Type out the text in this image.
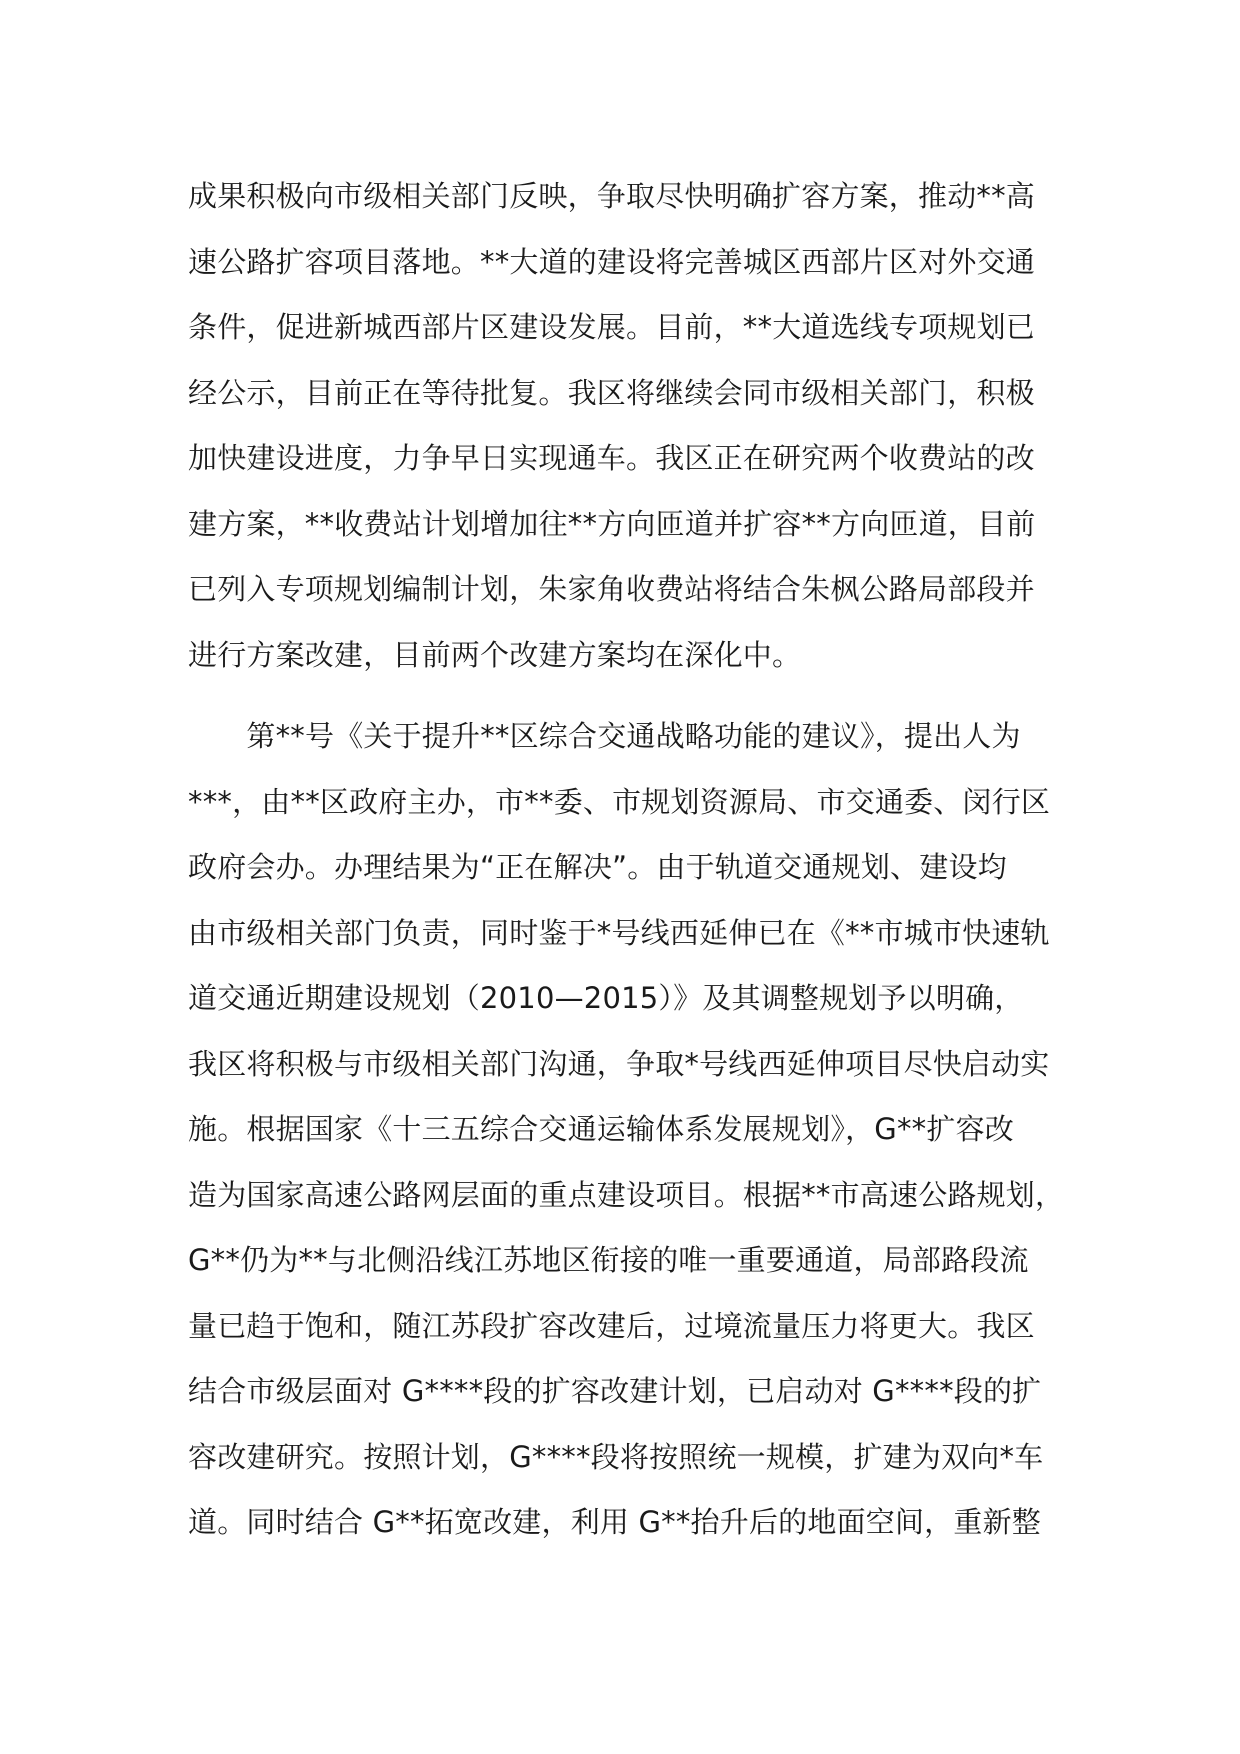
成果积极向市级相关部门反映，争取尽快明确扩容方案，推动**高
速公路扩容项目落地。**大道的建设将完善城区西部片区对外交通
条件，促进新城西部片区建设发展。目前，**大道选线专项规划已
经公示，目前正在等待批复。我区将继续会同市级相关部门，积极
加快建设进度，力争早日实现通车。我区正在研究两个收费站的改
建方案，**收费站计划增加往**方向匝道并扩容**方向匝道，目前
已列入专项规划编制计划，朱家角收费站将结合朱枫公路局部段并
进行方案改建，目前两个改建方案均在深化中。
　　第**号《关于提升**区综合交通战略功能的建议》，提出人为
***，由**区政府主办，市**委、市规划资源局、市交通委、闵行区
政府会办。办理结果为“正在解决”。由于轨道交通规划、建设均
由市级相关部门负责，同时鉴于*号线西延伸已在《**市城市快速轨
道交通近期建设规划（2010—2015）》及其调整规划予以明确，
我区将积极与市级相关部门沟通，争取*号线西延伸项目尽快启动实
施。根据国家《十三五综合交通运输体系发展规划》，G**扩容改
造为国家高速公路网层面的重点建设项目。根据**市高速公路规划，
G**仍为**与北侧沿线江苏地区衔接的唯一重要通道，局部路段流
量已趋于饱和，随江苏段扩容改建后，过境流量压力将更大。我区
结合市级层面对 G****段的扩容改建计划，已启动对 G****段的扩
容改建研究。按照计划，G****段将按照统一规模，扩建为双向*车
道。同时结合 G**拓宽改建，利用 G**抬升后的地面空间，重新整
